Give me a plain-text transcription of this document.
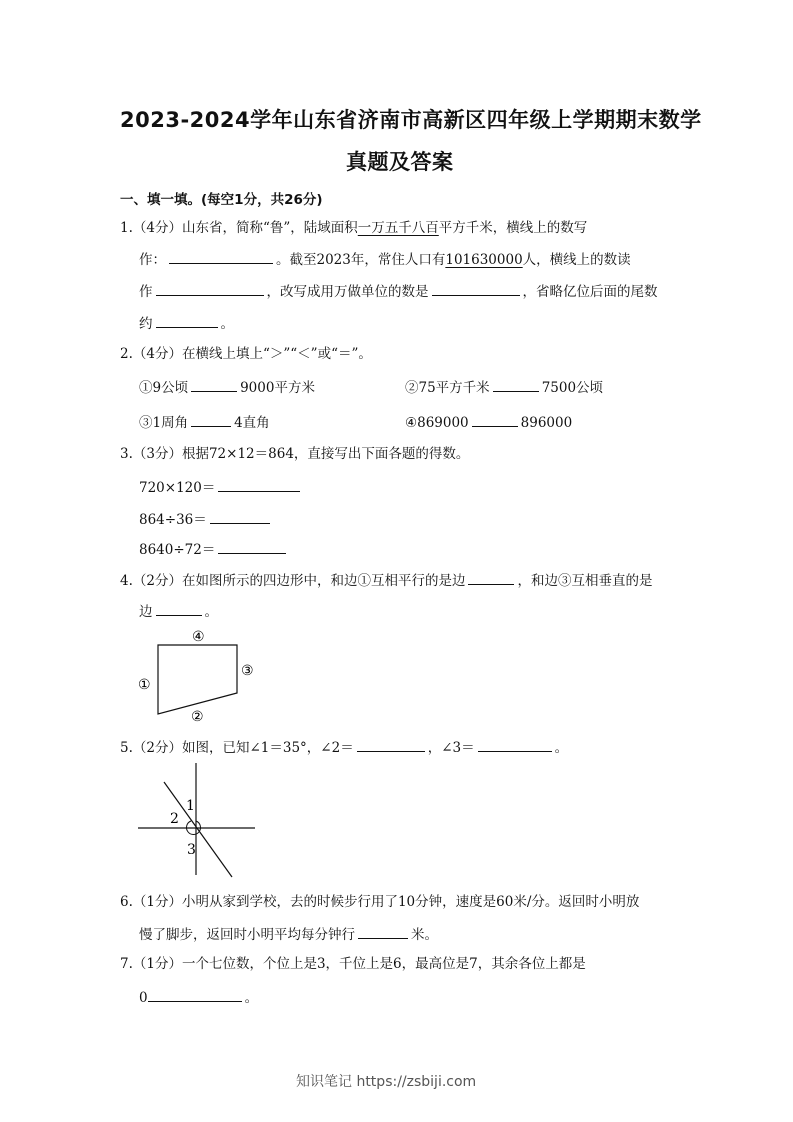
2023-2024学年山东省济南市高新区四年级上学期期末数学
真题及答案
一、填一填。(每空1分，共26分)
1.（4分）山东省，简称“鲁”，陆域面积一万五千八百平方千米，横线上的数写
作：	。截至2023年，常住人口有101630000人，横线上的数读
作	，改写成用万做单位的数是	，省略亿位后面的尾数
约	。
2.（4分）在横线上填上“＞”“＜”或“＝”。
①9公顷	9000平方米	②75平方千米	7500公顷
③1周角	4直角	④869000	896000
3.（3分）根据72×12＝864，直接写出下面各题的得数。
720×120＝
864÷36＝
8640÷72＝
4.（2分）在如图所示的四边形中，和边①互相平行的是边	，和边③互相垂直的是
边	。
④
①
③
②
5.（2分）如图，已知∠1＝35°，∠2＝	，∠3＝	。
1
2
3
6.（1分）小明从家到学校，去的时候步行用了10分钟，速度是60米/分。返回时小明放
慢了脚步，返回时小明平均每分钟行	米。
7.（1分）一个七位数，个位上是3，千位上是6，最高位是7，其余各位上都是
0	。
知识笔记 https://zsbiji.com
